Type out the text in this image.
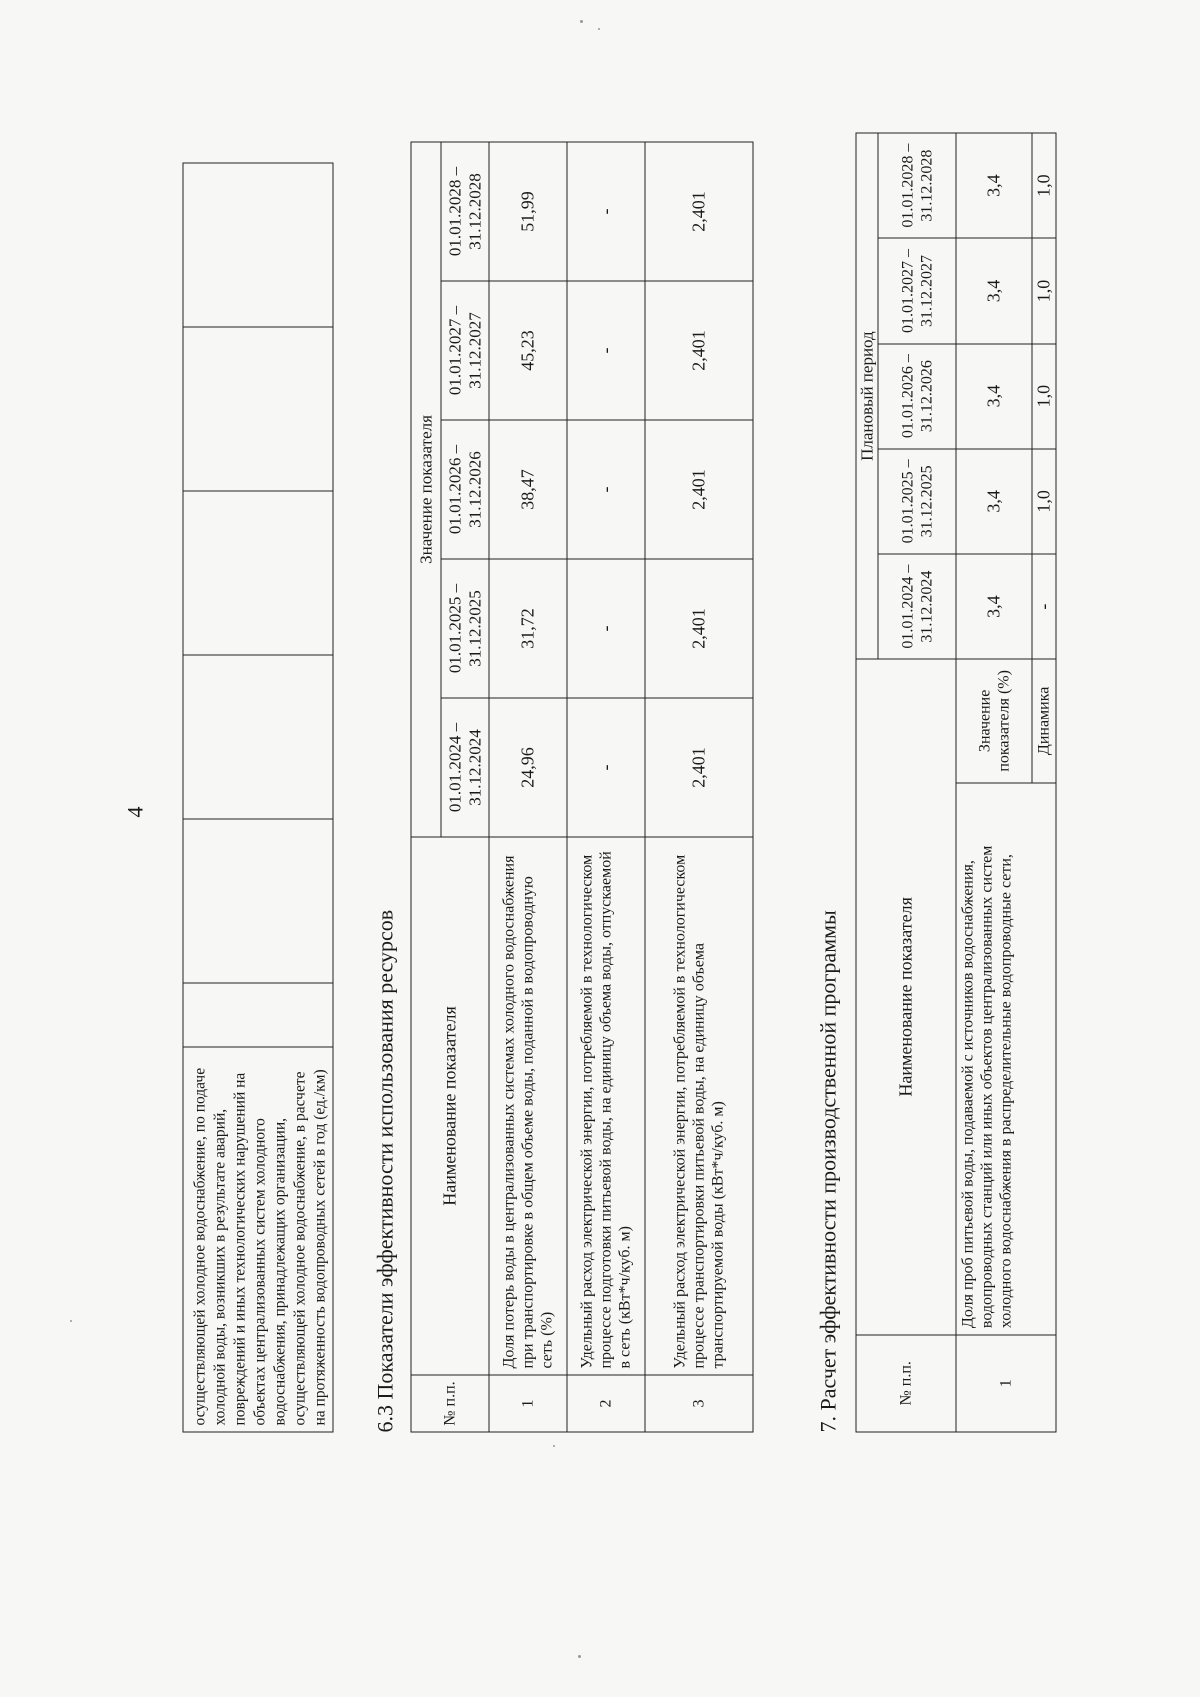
осуществляющей холодное водоснабжение, по подаче холодной воды, возникших в результате аварий, повреждений и иных технологических нарушений на объектах централизованных систем холодного водоснабжения, принадлежащих организации, осуществляющей холодное водоснабжение, в расчете на протяженность водопроводных сетей в год (ед./км)						
4
6.3 Показатели эффективности использования ресурсов	№ п.п.	Наименование показателя	Значение показателя				
		01.01.2024 – 31.12.2024	01.01.2025 – 31.12.2025	01.01.2026 – 31.12.2026	01.01.2027 – 31.12.2027	01.01.2028 – 31.12.2028
1	Доля потерь воды в централизованных системах холодного водоснабжения при транспортировке в общем объеме воды, поданной в водопроводную сеть (%)	24,96	31,72	38,47	45,23	51,99
2	Удельный расход электрической энергии, потребляемой в технологическом процессе подготовки питьевой воды, на единицу объема воды, отпускаемой в сеть (кВт*ч/куб. м)	-	-	-	-	-
3	Удельный расход электрической энергии, потребляемой в технологическом процессе транспортировки питьевой воды, на единицу объема транспортируемой воды (кВт*ч/куб. м)	2,401	2,401	2,401	2,401	2,401
7. Расчет эффективности производственной программы	№ п.п.	Наименование показателя		Плановый период				
			01.01.2024 – 31.12.2024	01.01.2025 – 31.12.2025	01.01.2026 – 31.12.2026	01.01.2027 – 31.12.2027	01.01.2028 – 31.12.2028
1	Доля проб питьевой воды, подаваемой с источников водоснабжения, водопроводных станций или иных объектов централизованных систем холодного водоснабжения в распределительные водопроводные сети,	Значение показателя (%)	3,4	3,4	3,4	3,4	3,4
		Динамика	-	1,0	1,0	1,0	1,0
